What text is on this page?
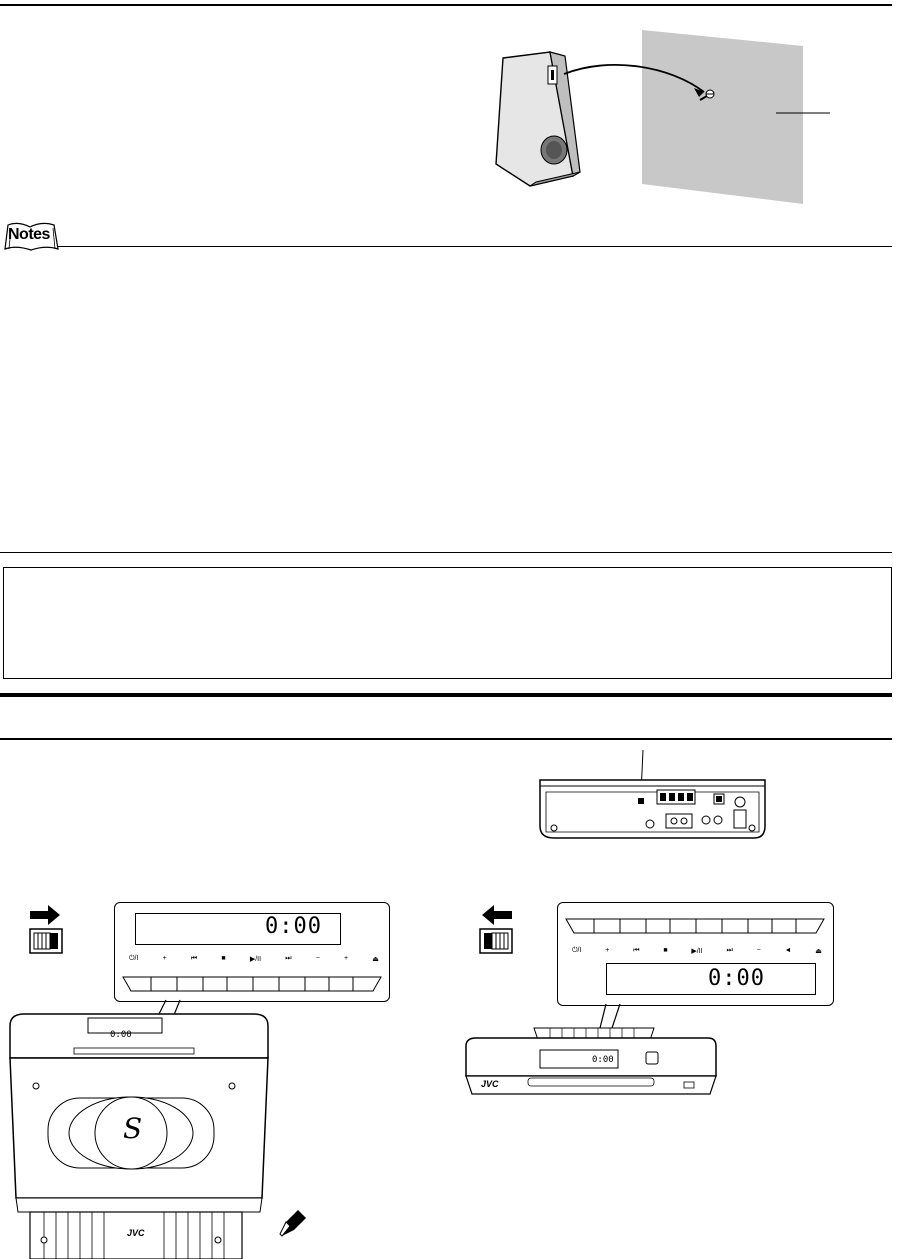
Notes
0:00
⏻/I	+	⏮	■	▶/II	⏭	−	+	⏏
0:00
S
JVC
⏻/I	+	⏮	■	▶/II	⏭	−	◄	⏏
0:00
0:00
JVC
